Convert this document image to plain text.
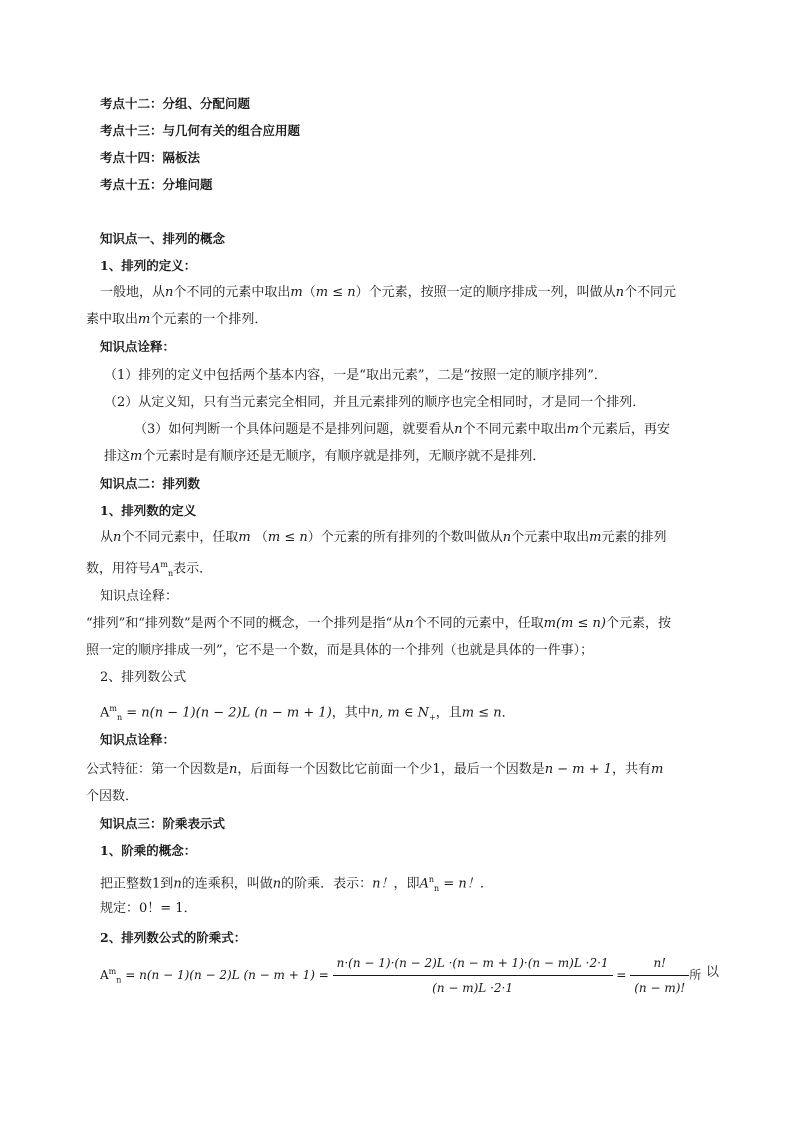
考点十二：分组、分配问题
考点十三：与几何有关的组合应用题
考点十四：隔板法
考点十五：分堆问题
知识点一、排列的概念
1、排列的定义：
一般地，从n个不同的元素中取出m（m ≤ n）个元素，按照一定的顺序排成一列，叫做从n个不同元
素中取出m个元素的一个排列．
知识点诠释：
（1）排列的定义中包括两个基本内容，一是“取出元素”，二是“按照一定的顺序排列”．
（2）从定义知，只有当元素完全相同，并且元素排列的顺序也完全相同时，才是同一个排列．
（3）如何判断一个具体问题是不是排列问题，就要看从n个不同元素中取出m个元素后，再安
排这m个元素时是有顺序还是无顺序，有顺序就是排列，无顺序就不是排列．
知识点二：排列数
1、排列数的定义
从n个不同元素中，任取m （m ≤ n）个元素的所有排列的个数叫做从n个元素中取出m元素的排列
数，用符号$A^m_n$表示．
知识点诠释：
“排列”和“排列数”是两个不同的概念，一个排列是指“从n个不同的元素中，任取m(m ≤ n)个元素，按
照一定的顺序排成一列”，它不是一个数，而是具体的一个排列（也就是具体的一件事）；
2、排列数公式
$A^m_n = n(n - 1)(n - 2)L$ (n − m + 1)，其中n, m ∈ $N_+$，且m ≤ n．
知识点诠释：
公式特征：第一个因数是n，后面每一个因数比它前面一个少1，最后一个因数是n − m + 1，共有m
个因数．
知识点三：阶乘表示式
1、阶乘的概念：
把正整数1到n的连乘积，叫做n的阶乘．表示：n！，即$A^n_n = n$！．
规定：0！= 1．
2、排列数公式的阶乘式：
$A^m_n = n(n - 1)(n - 2)L$ $(n - m + 1) = \frac{n\cdot(n - 1)\cdot(n - 2)L \cdot(n - m + 1)\cdot(n - m)L \cdot 2\cdot 1}{(n - m)L \cdot 2\cdot 1} = \frac{n!}{(n - m)!}$ 所 以
